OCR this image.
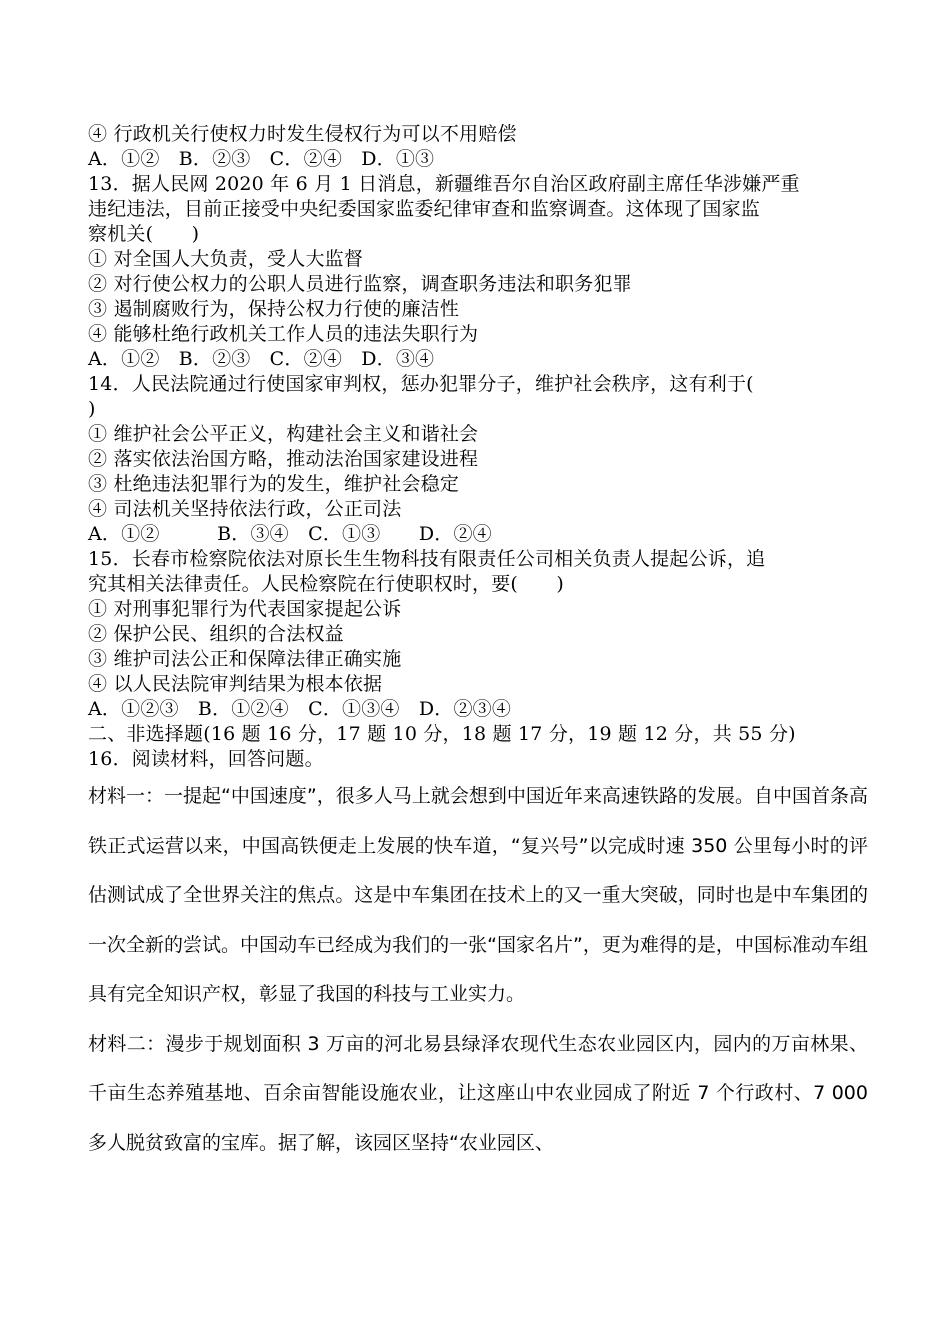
④ 行政机关行使权力时发生侵权行为可以不用赔偿
A．①②　B．②③　C．②④　D．①③
13．据人民网 2020 年 6 月 1 日消息，新疆维吾尔自治区政府副主席任华涉嫌严重
违纪违法，目前正接受中央纪委国家监委纪律审查和监察调查。这体现了国家监
察机关(　　)
① 对全国人大负责，受人大监督
② 对行使公权力的公职人员进行监察，调查职务违法和职务犯罪
③ 遏制腐败行为，保持公权力行使的廉洁性
④ 能够杜绝行政机关工作人员的违法失职行为
A．①②　B．②③　C．②④　D．③④
14．人民法院通过行使国家审判权，惩办犯罪分子，维护社会秩序，这有利于(
)
① 维护社会公平正义，构建社会主义和谐社会
② 落实依法治国方略，推动法治国家建设进程
③ 杜绝违法犯罪行为的发生，维护社会稳定
④ 司法机关坚持依法行政，公正司法
A．①②　　　B．③④　C．①③　　D．②④
15．长春市检察院依法对原长生生物科技有限责任公司相关负责人提起公诉，追
究其相关法律责任。人民检察院在行使职权时，要(　　)
① 对刑事犯罪行为代表国家提起公诉
② 保护公民、组织的合法权益
③ 维护司法公正和保障法律正确实施
④ 以人民法院审判结果为根本依据
A．①②③　B．①②④　C．①③④　D．②③④
二、非选择题(16 题 16 分，17 题 10 分，18 题 17 分，19 题 12 分，共 55 分)
16．阅读材料，回答问题。

材料一：一提起“中国速度”，很多人马上就会想到中国近年来高速铁路的发展。自中国首条高铁正式运营以来，中国高铁便走上发展的快车道，“复兴号”以完成时速 350 公里每小时的评估测试成了全世界关注的焦点。这是中车集团在技术上的又一重大突破，同时也是中车集团的一次全新的尝试。中国动车已经成为我们的一张“国家名片”，更为难得的是，中国标准动车组具有完全知识产权，彰显了我国的科技与工业实力。

材料二：漫步于规划面积 3 万亩的河北易县绿泽农现代生态农业园区内，园内的万亩林果、千亩生态养殖基地、百余亩智能设施农业，让这座山中农业园成了附近 7 个行政村、7 000 多人脱贫致富的宝库。据了解，该园区坚持“农业园区、
